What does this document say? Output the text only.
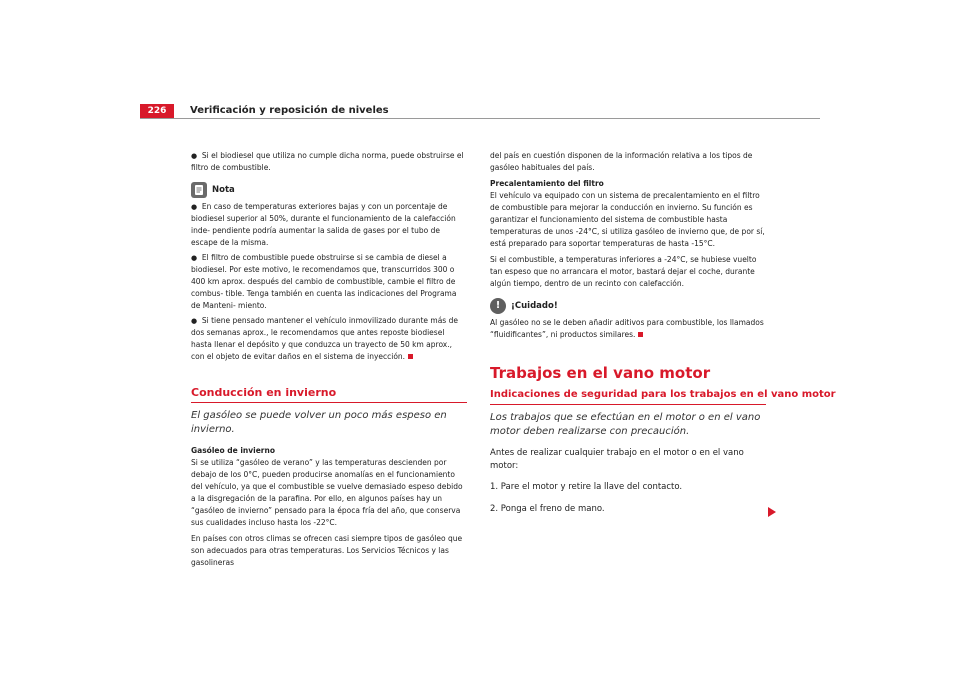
226	Verificación y reposición de niveles

● Si el biodiesel que utiliza no cumple dicha norma, puede obstruirse el filtro de combustible.

Nota

● En caso de temperaturas exteriores bajas y con un porcentaje de biodiesel superior al 50%, durante el funcionamiento de la calefacción inde- pendiente podría aumentar la salida de gases por el tubo de escape de la misma.

● El filtro de combustible puede obstruirse si se cambia de diesel a biodiesel. Por este motivo, le recomendamos que, transcurridos 300 o 400 km aprox. después del cambio de combustible, cambie el filtro de combus- tible. Tenga también en cuenta las indicaciones del Programa de Manteni- miento.

● Si tiene pensado mantener el vehículo inmovilizado durante más de dos semanas aprox., le recomendamos que antes reposte biodiesel hasta llenar el depósito y que conduzca un trayecto de 50 km aprox., con el objeto de evitar daños en el sistema de inyección.

Conducción en invierno

El gasóleo se puede volver un poco más espeso en invierno.

Gasóleo de invierno

Si se utiliza “gasóleo de verano” y las temperaturas descienden por debajo de los 0°C, pueden producirse anomalías en el funcionamiento del vehículo, ya que el combustible se vuelve demasiado espeso debido a la disgregación de la parafina. Por ello, en algunos países hay un “gasóleo de invierno” pensado para la época fría del año, que conserva sus cualidades incluso hasta los -22°C.

En países con otros climas se ofrecen casi siempre tipos de gasóleo que son adecuados para otras temperaturas. Los Servicios Técnicos y las gasolineras

del país en cuestión disponen de la información relativa a los tipos de gasóleo habituales del país.

Precalentamiento del filtro

El vehículo va equipado con un sistema de precalentamiento en el filtro de combustible para mejorar la conducción en invierno. Su función es garantizar el funcionamiento del sistema de combustible hasta temperaturas de unos -24°C, si utiliza gasóleo de invierno que, de por sí, está preparado para soportar temperaturas de hasta -15°C.

Si el combustible, a temperaturas inferiores a -24°C, se hubiese vuelto tan espeso que no arrancara el motor, bastará dejar el coche, durante algún tiempo, dentro de un recinto con calefacción.

!	¡Cuidado!

Al gasóleo no se le deben añadir aditivos para combustible, los llamados “fluidificantes”, ni productos similares.

Trabajos en el vano motor
Indicaciones de seguridad para los trabajos en el vano motor

Los trabajos que se efectúan en el motor o en el vano motor deben realizarse con precaución.

Antes de realizar cualquier trabajo en el motor o en el vano motor:

1. Pare el motor y retire la llave del contacto.

2. Ponga el freno de mano.
